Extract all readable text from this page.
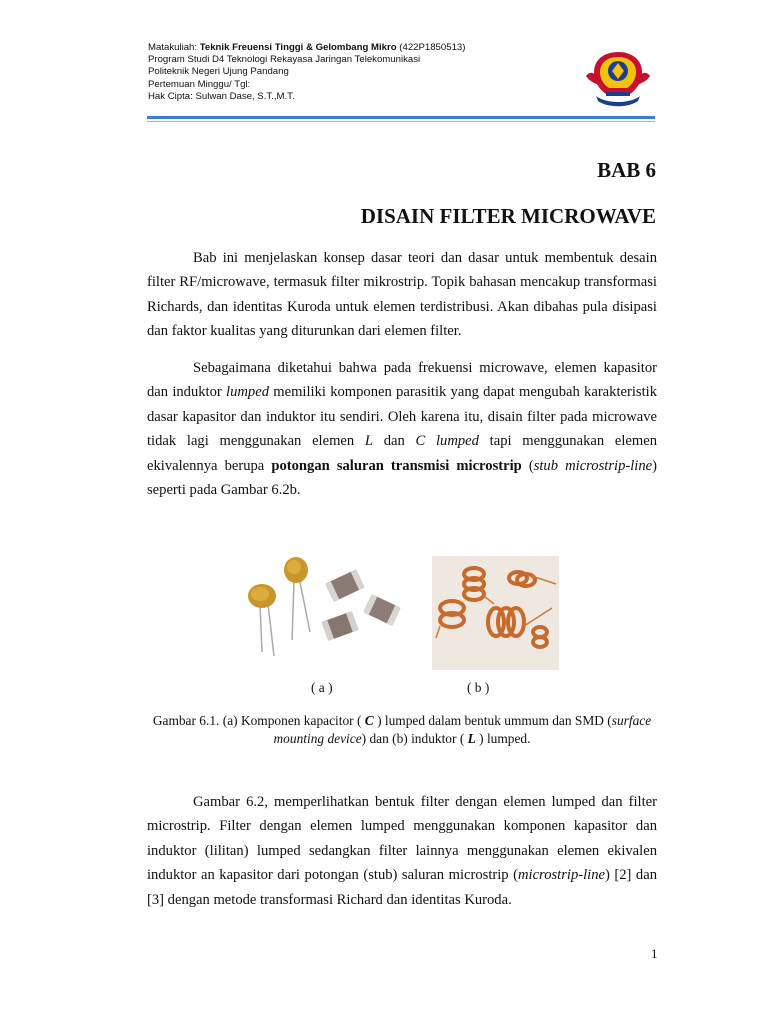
Matakuliah: Teknik Freuensi Tinggi & Gelombang Mikro (422P1850513)
Program Studi D4 Teknologi Rekayasa Jaringan Telekomunikasi
Politeknik Negeri Ujung Pandang
Pertemuan Minggu/ Tgl:
Hak Cipta: Sulwan Dase, S.T.,M.T.
BAB 6
DISAIN FILTER MICROWAVE
Bab ini menjelaskan konsep dasar teori dan dasar untuk membentuk desain filter RF/microwave, termasuk filter mikrostrip. Topik bahasan mencakup transformasi Richards, dan identitas Kuroda untuk elemen terdistribusi. Akan dibahas pula disipasi dan faktor kualitas yang diturunkan dari elemen filter.
Sebagaimana diketahui bahwa pada frekuensi microwave, elemen kapasitor dan induktor lumped memiliki komponen parasitik yang dapat mengubah karakteristik dasar kapasitor dan induktor itu sendiri. Oleh karena itu, disain filter pada microwave tidak lagi menggunakan elemen L dan C lumped tapi menggunakan elemen ekivalennya berupa potongan saluran transmisi microstrip (stub microstrip-line) seperti pada Gambar 6.2b.
( a )	( b )
Gambar 6.1. (a) Komponen kapacitor ( C ) lumped dalam bentuk ummum dan SMD (surface mounting device) dan (b) induktor ( L ) lumped.
Gambar 6.2, memperlihatkan bentuk filter dengan elemen lumped dan filter microstrip. Filter dengan elemen lumped menggunakan komponen kapasitor dan induktor (lilitan) lumped sedangkan filter lainnya menggunakan elemen ekivalen induktor an kapasitor dari potongan (stub) saluran microstrip (microstrip-line) [2] dan [3] dengan metode transformasi Richard dan identitas Kuroda.
1
